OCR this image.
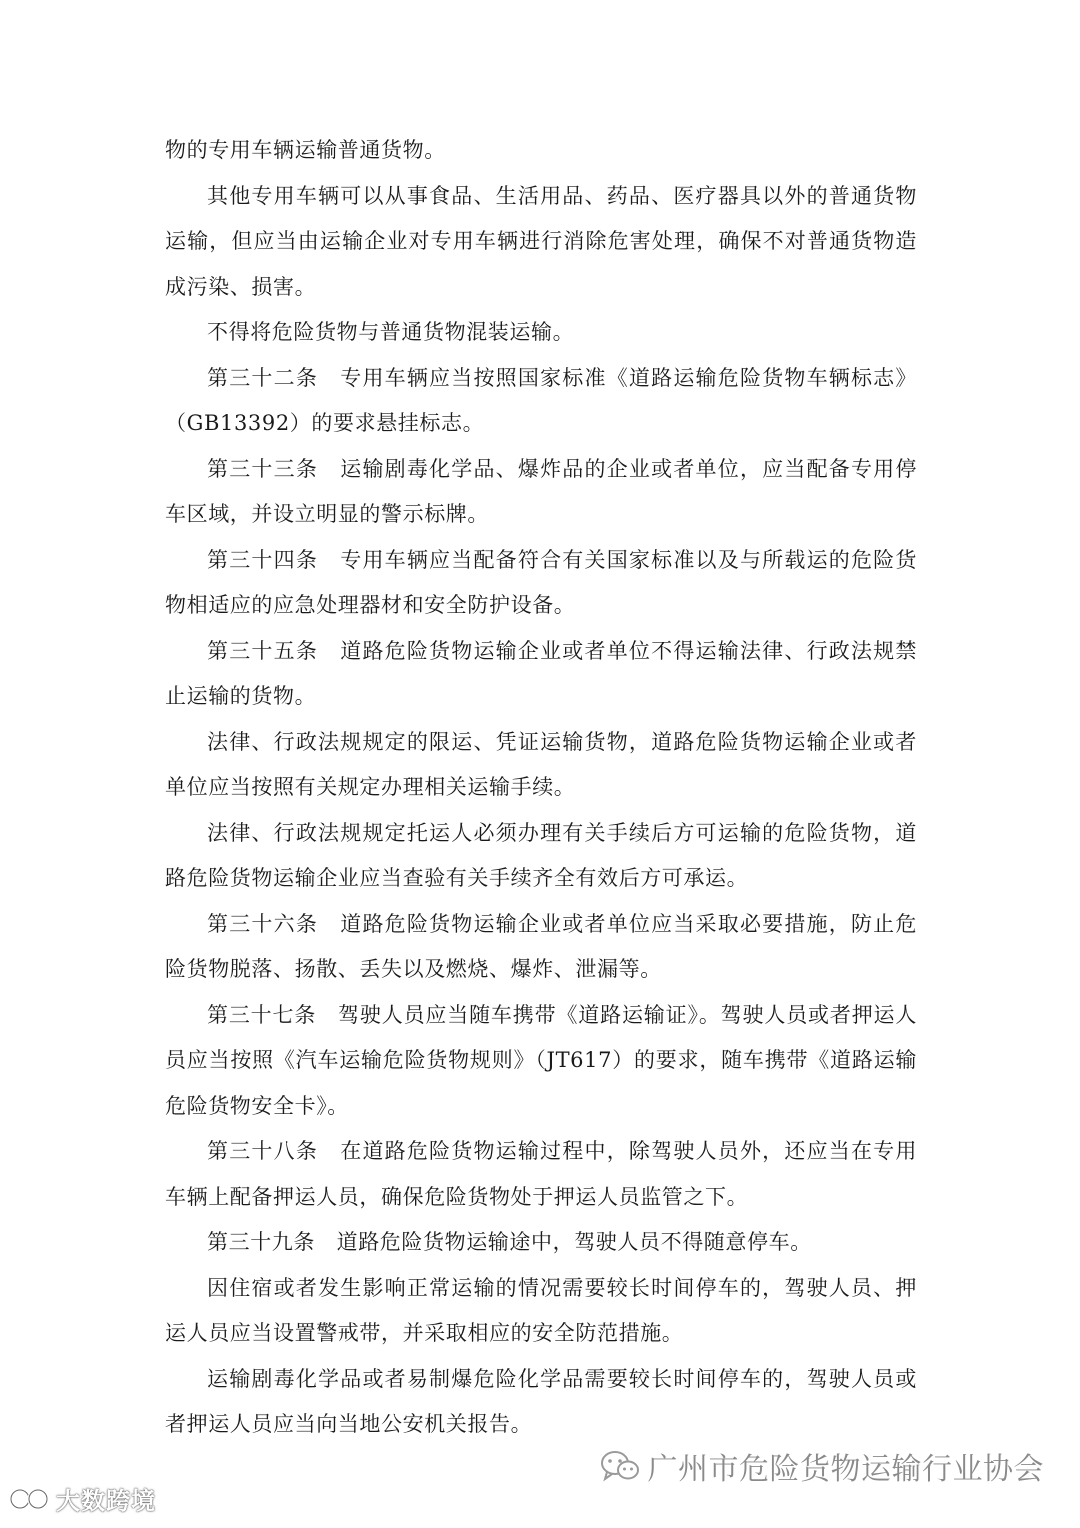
物的专用车辆运输普通货物。

其他专用车辆可以从事食品、生活用品、药品、医疗器具以外的普通货物运输，但应当由运输企业对专用车辆进行消除危害处理，确保不对普通货物造成污染、损害。

不得将危险货物与普通货物混装运输。

第三十二条　专用车辆应当按照国家标准《道路运输危险货物车辆标志》（GB13392）的要求悬挂标志。

第三十三条　运输剧毒化学品、爆炸品的企业或者单位，应当配备专用停车区域，并设立明显的警示标牌。

第三十四条　专用车辆应当配备符合有关国家标准以及与所载运的危险货物相适应的应急处理器材和安全防护设备。

第三十五条　道路危险货物运输企业或者单位不得运输法律、行政法规禁止运输的货物。

法律、行政法规规定的限运、凭证运输货物，道路危险货物运输企业或者单位应当按照有关规定办理相关运输手续。

法律、行政法规规定托运人必须办理有关手续后方可运输的危险货物，道路危险货物运输企业应当查验有关手续齐全有效后方可承运。

第三十六条　道路危险货物运输企业或者单位应当采取必要措施，防止危险货物脱落、扬散、丢失以及燃烧、爆炸、泄漏等。

第三十七条　驾驶人员应当随车携带《道路运输证》。驾驶人员或者押运人员应当按照《汽车运输危险货物规则》（JT617）的要求，随车携带《道路运输危险货物安全卡》。

第三十八条　在道路危险货物运输过程中，除驾驶人员外，还应当在专用车辆上配备押运人员，确保危险货物处于押运人员监管之下。

第三十九条　道路危险货物运输途中，驾驶人员不得随意停车。

因住宿或者发生影响正常运输的情况需要较长时间停车的，驾驶人员、押运人员应当设置警戒带，并采取相应的安全防范措施。

运输剧毒化学品或者易制爆危险化学品需要较长时间停车的，驾驶人员或者押运人员应当向当地公安机关报告。

广州市危险货物运输行业协会
大数跨境
